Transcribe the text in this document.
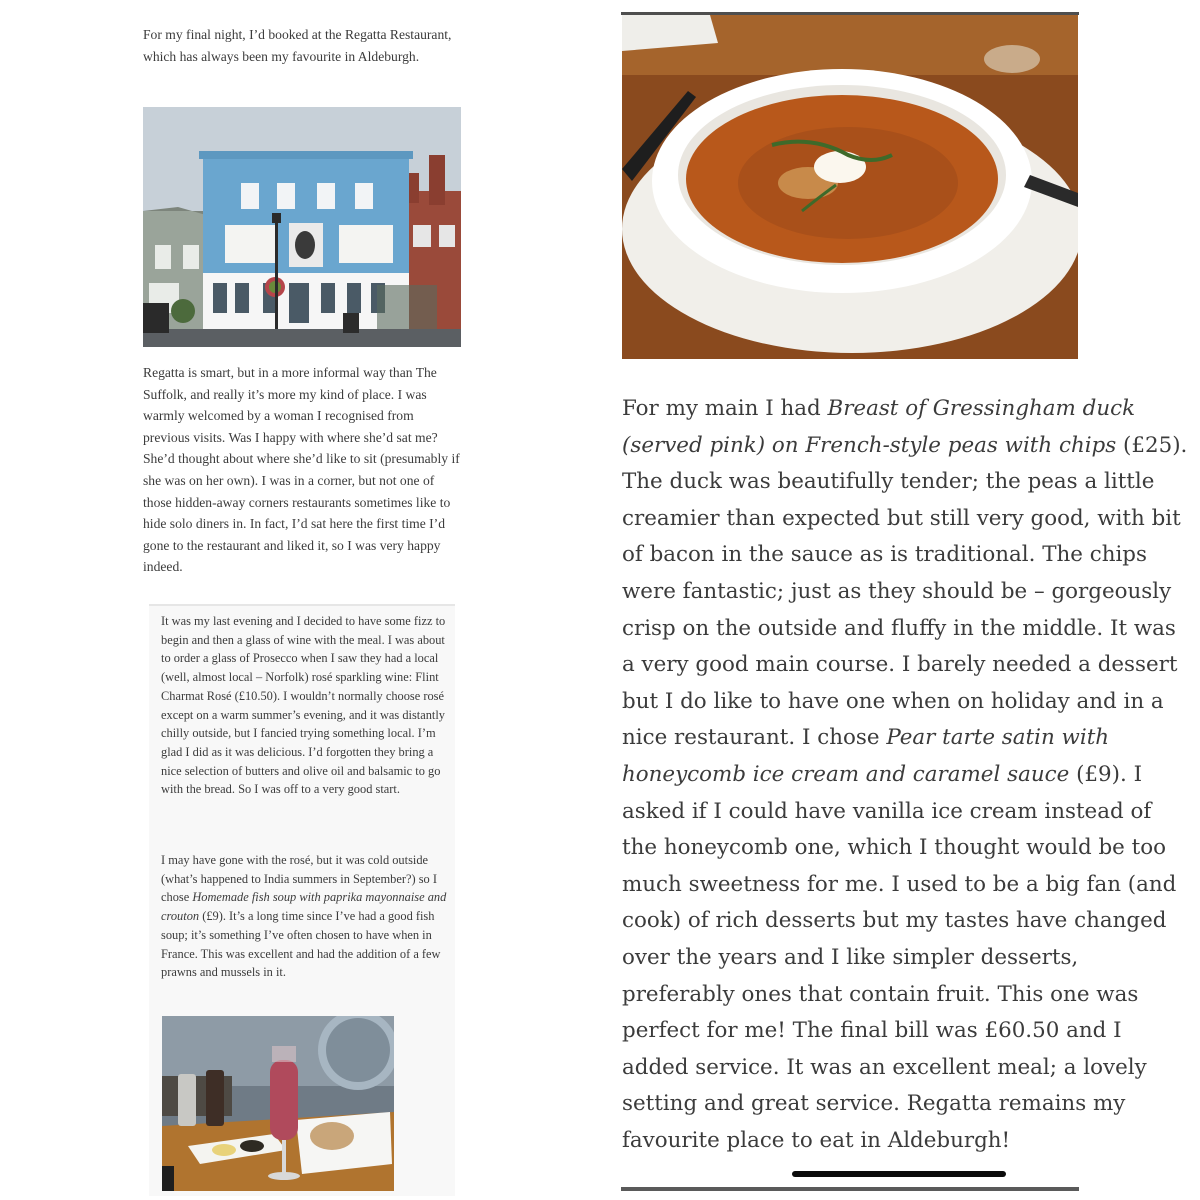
For my final night, I’d booked at the Regatta Restaurant, which has always been my favourite in Aldeburgh.

Regatta is smart, but in a more informal way than The Suffolk, and really it’s more my kind of place. I was warmly welcomed by a woman I recognised from previous visits. Was I happy with where she’d sat me? She’d thought about where she’d like to sit (presumably if she was on her own). I was in a corner, but not one of those hidden-away corners restaurants sometimes like to hide solo diners in. In fact, I’d sat here the first time I’d gone to the restaurant and liked it, so I was very happy indeed.

It was my last evening and I decided to have some fizz to begin and then a glass of wine with the meal. I was about to order a glass of Prosecco when I saw they had a local (well, almost local – Norfolk) rosé sparkling wine: Flint Charmat Rosé (£10.50). I wouldn’t normally choose rosé except on a warm summer’s evening, and it was distantly chilly outside, but I fancied trying something local. I’m glad I did as it was delicious. I’d forgotten they bring a nice selection of butters and olive oil and balsamic to go with the bread. So I was off to a very good start.

I may have gone with the rosé, but it was cold outside (what’s happened to India summers in September?) so I chose Homemade fish soup with paprika mayonnaise and crouton (£9). It’s a long time since I’ve had a good fish soup; it’s something I’ve often chosen to have when in France. This was excellent and had the addition of a few prawns and mussels in it.

For my main I had Breast of Gressingham duck (served pink) on French-style peas with chips (£25). The duck was beautifully tender; the peas a little creamier than expected but still very good, with bit of bacon in the sauce as is traditional. The chips were fantastic; just as they should be – gorgeously crisp on the outside and fluffy in the middle. It was a very good main course. I barely needed a dessert but I do like to have one when on holiday and in a nice restaurant. I chose Pear tarte satin with honeycomb ice cream and caramel sauce (£9). I asked if I could have vanilla ice cream instead of the honeycomb one, which I thought would be too much sweetness for me. I used to be a big fan (and cook) of rich desserts but my tastes have changed over the years and I like simpler desserts, preferably ones that contain fruit. This one was perfect for me! The final bill was £60.50 and I added service. It was an excellent meal; a lovely setting and great service. Regatta remains my favourite place to eat in Aldeburgh!
